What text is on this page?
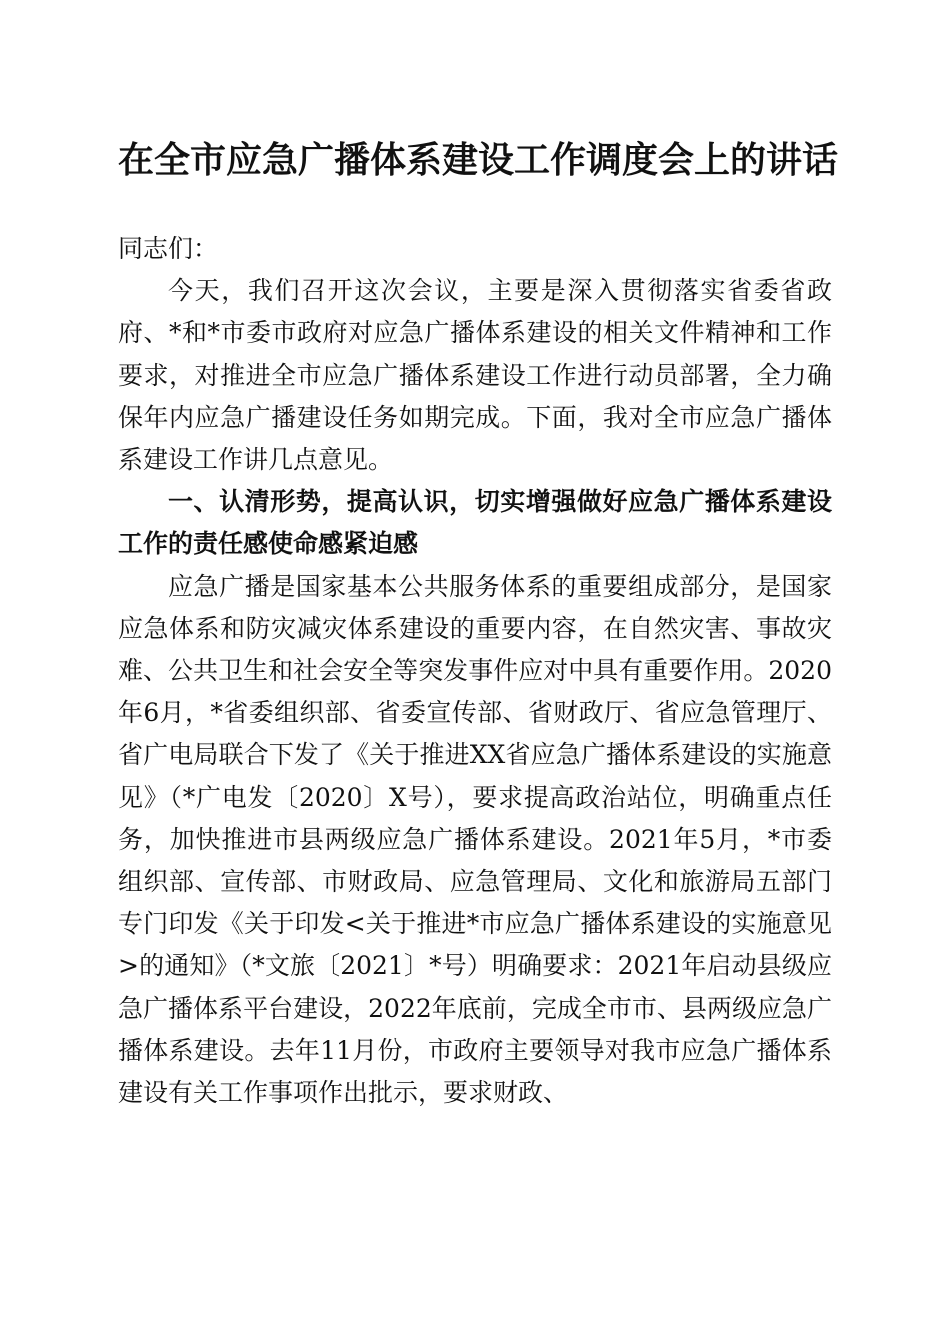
在全市应急广播体系建设工作调度会上的讲话

同志们：

今天，我们召开这次会议，主要是深入贯彻落实省委省政府、*和*市委市政府对应急广播体系建设的相关文件精神和工作要求，对推进全市应急广播体系建设工作进行动员部署，全力确保年内应急广播建设任务如期完成。下面，我对全市应急广播体系建设工作讲几点意见。

一、认清形势，提高认识，切实增强做好应急广播体系建设工作的责任感使命感紧迫感

应急广播是国家基本公共服务体系的重要组成部分，是国家应急体系和防灾减灾体系建设的重要内容，在自然灾害、事故灾难、公共卫生和社会安全等突发事件应对中具有重要作用。2020年6月，*省委组织部、省委宣传部、省财政厅、省应急管理厅、省广电局联合下发了《关于推进XX省应急广播体系建设的实施意见》（*广电发〔2020〕X号），要求提高政治站位，明确重点任务，加快推进市县两级应急广播体系建设。2021年5月，*市委组织部、宣传部、市财政局、应急管理局、文化和旅游局五部门专门印发《关于印发<关于推进*市应急广播体系建设的实施意见>的通知》（*文旅〔2021〕*号）明确要求：2021年启动县级应急广播体系平台建设，2022年底前，完成全市市、县两级应急广播体系建设。去年11月份，市政府主要领导对我市应急广播体系建设有关工作事项作出批示，要求财政、
